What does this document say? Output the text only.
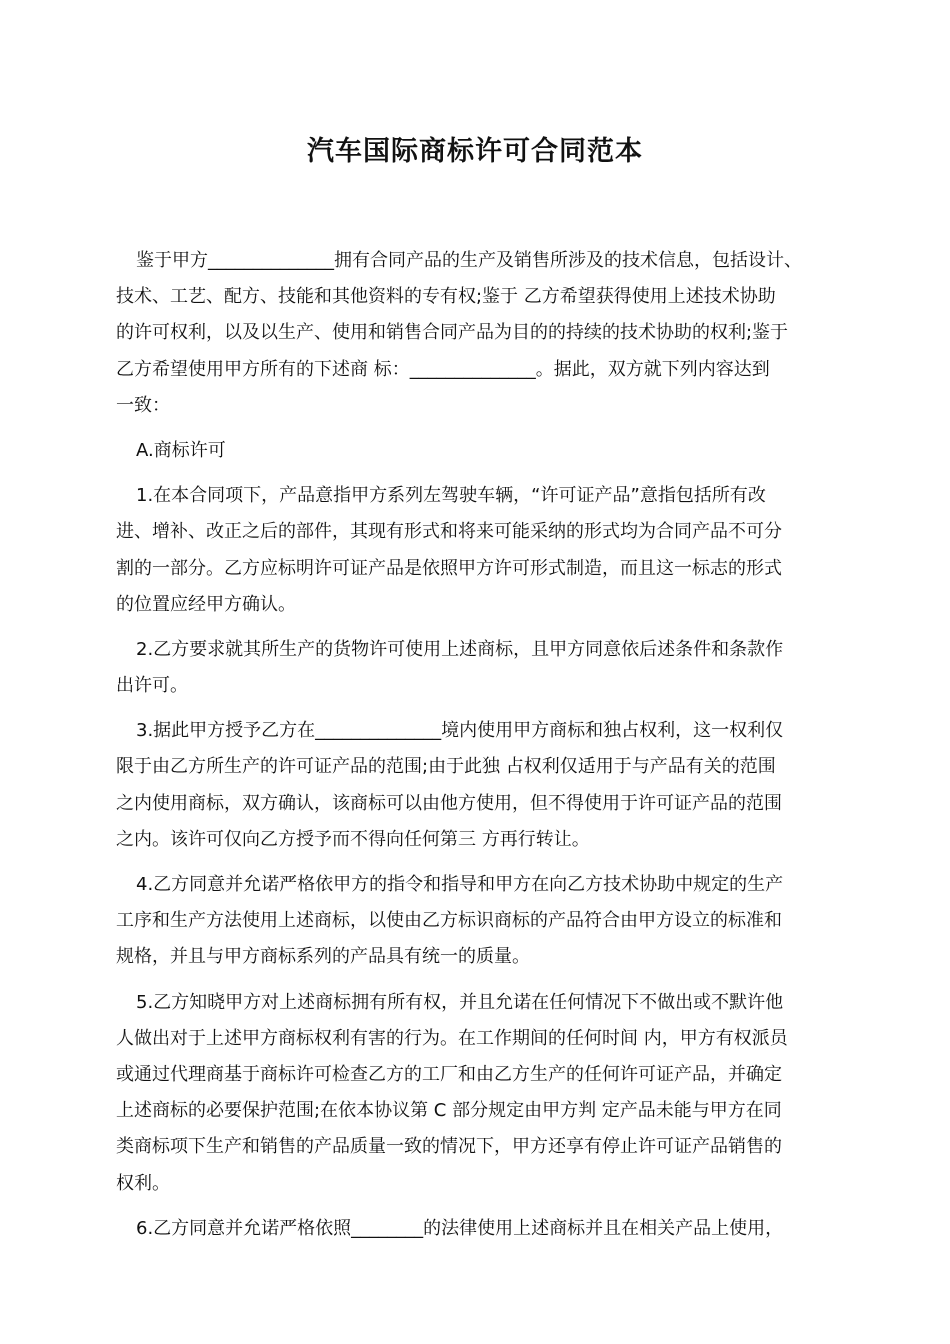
汽车国际商标许可合同范本
鉴于甲方______________拥有合同产品的生产及销售所涉及的技术信息，包括设计、
技术、工艺、配方、技能和其他资料的专有权;鉴于 乙方希望获得使用上述技术协助
的许可权利，以及以生产、使用和销售合同产品为目的的持续的技术协助的权利;鉴于
乙方希望使用甲方所有的下述商 标：______________。据此，双方就下列内容达到
一致：
A.商标许可
1.在本合同项下，产品意指甲方系列左驾驶车辆，“许可证产品”意指包括所有改
进、增补、改正之后的部件，其现有形式和将来可能采纳的形式均为合同产品不可分
割的一部分。乙方应标明许可证产品是依照甲方许可形式制造，而且这一标志的形式
的位置应经甲方确认。
2.乙方要求就其所生产的货物许可使用上述商标，且甲方同意依后述条件和条款作
出许可。
3.据此甲方授予乙方在______________境内使用甲方商标和独占权利，这一权利仅
限于由乙方所生产的许可证产品的范围;由于此独 占权利仅适用于与产品有关的范围
之内使用商标，双方确认，该商标可以由他方使用，但不得使用于许可证产品的范围
之内。该许可仅向乙方授予而不得向任何第三 方再行转让。
4.乙方同意并允诺严格依甲方的指令和指导和甲方在向乙方技术协助中规定的生产
工序和生产方法使用上述商标，以使由乙方标识商标的产品符合由甲方设立的标准和
规格，并且与甲方商标系列的产品具有统一的质量。
5.乙方知晓甲方对上述商标拥有所有权，并且允诺在任何情况下不做出或不默许他
人做出对于上述甲方商标权利有害的行为。在工作期间的任何时间 内，甲方有权派员
或通过代理商基于商标许可检查乙方的工厂和由乙方生产的任何许可证产品，并确定
上述商标的必要保护范围;在依本协议第 C 部分规定由甲方判 定产品未能与甲方在同
类商标项下生产和销售的产品质量一致的情况下，甲方还享有停止许可证产品销售的
权利。
6.乙方同意并允诺严格依照________的法律使用上述商标并且在相关产品上使用，
